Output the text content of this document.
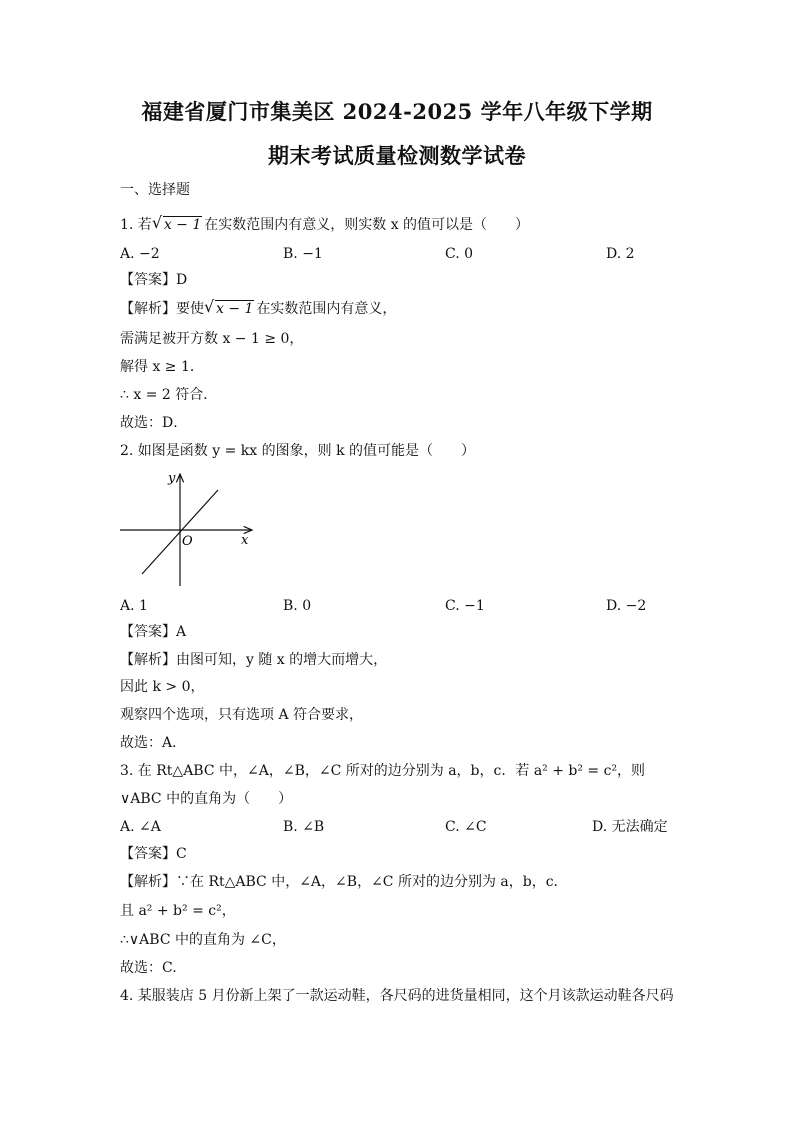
福建省厦门市集美区 2024-2025 学年八年级下学期
期末考试质量检测数学试卷
一、选择题
1. 若 √ x − 1 在实数范围内有意义，则实数 x 的值可以是（　　）
A. −2	B. −1	C. 0	D. 2
【答案】D
【解析】要使 √ x − 1 在实数范围内有意义，
需满足被开方数 x − 1 ≥ 0，
解得 x ≥ 1．
∴ x = 2 符合．
故选：D．
2. 如图是函数 y = kx 的图象，则 k 的值可能是（　　）
y
x
O
A. 1	B. 0	C. −1	D. −2
【答案】A
【解析】由图可知，y 随 x 的增大而增大，
因此 k > 0，
观察四个选项，只有选项 A 符合要求，
故选：A．
3. 在 Rt△ABC 中，∠A，∠B，∠C 所对的边分别为 a，b，c．若 a² + b² = c²，则
∨ABC 中的直角为（　　）
A. ∠A	B. ∠B	C. ∠C	D. 无法确定
【答案】C
【解析】∵在 Rt△ABC 中，∠A，∠B，∠C 所对的边分别为 a，b，c．
且 a² + b² = c²，
∴∨ABC 中的直角为 ∠C，
故选：C.
4. 某服装店 5 月份新上架了一款运动鞋，各尺码的进货量相同，这个月该款运动鞋各尺码
